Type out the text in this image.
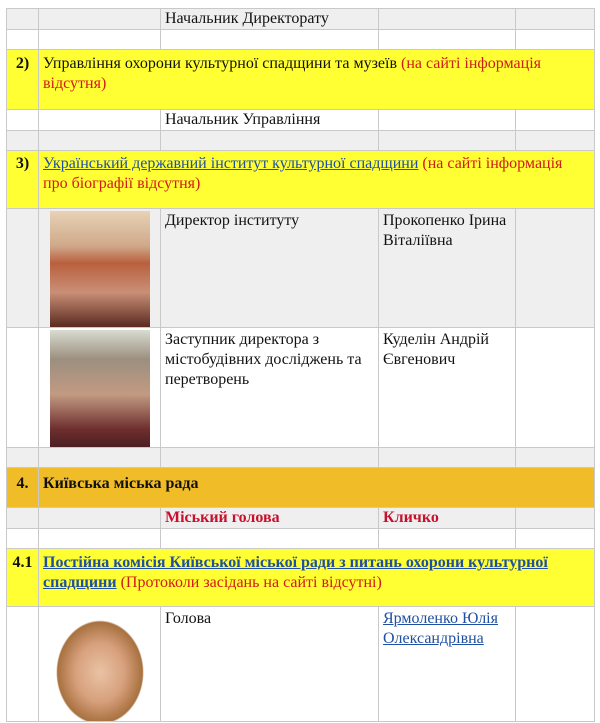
		Начальник Директорату		

2)	Управління охорони культурної спадщини та музеїв (на сайті інформація відсутня)			
		Начальник Управління		

3)	Український державний інститут культурної спадщини (на сайті інформація про біографії відсутня)			

	Директор інституту	Прокопенко Ірина Віталіївна	

	Заступник директора з містобудівних досліджень та перетворень	Куделін Андрій Євгенович	

4.	Київська міська рада			
		Міський голова	Кличко	

4.1	Постійна комісія Київської міської ради з питань охорони культурної спадщини (Протоколи засідань на сайті відсутні)			

	Голова	Ярмоленко Юлія Олександрівна	
